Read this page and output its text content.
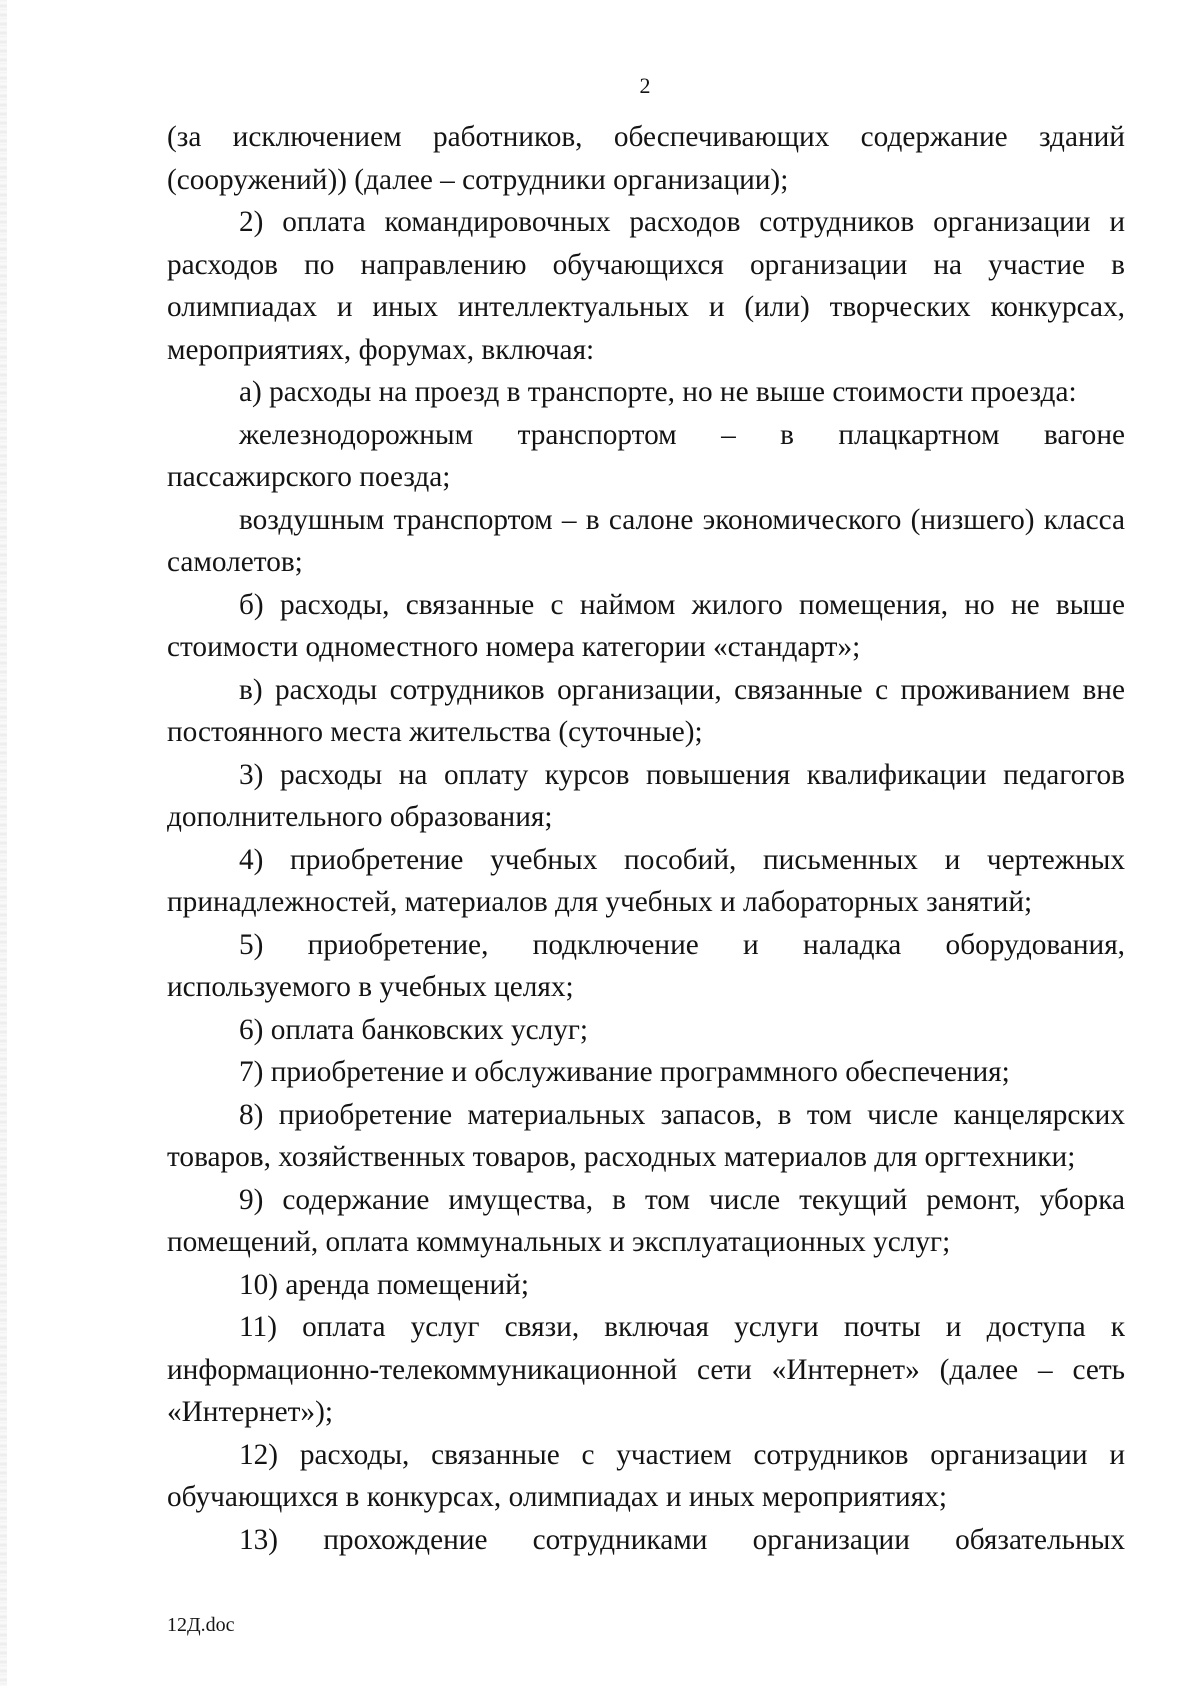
2

(за исключением работников, обеспечивающих содержание зданий (сооружений)) (далее – сотрудники организации);

2) оплата командировочных расходов сотрудников организации и расходов по направлению обучающихся организации на участие в олимпиадах и иных интеллектуальных и (или) творческих конкурсах, мероприятиях, форумах, включая:

а) расходы на проезд в транспорте, но не выше стоимости проезда:

железнодорожным транспортом – в плацкартном вагоне пассажирского поезда;

воздушным транспортом – в салоне экономического (низшего) класса самолетов;

б) расходы, связанные с наймом жилого помещения, но не выше стоимости одноместного номера категории «стандарт»;

в) расходы сотрудников организации, связанные с проживанием вне постоянного места жительства (суточные);

3) расходы на оплату курсов повышения квалификации педагогов дополнительного образования;

4) приобретение учебных пособий, письменных и чертежных принадлежностей, материалов для учебных и лабораторных занятий;

5) приобретение, подключение и наладка оборудования, используемого в учебных целях;

6) оплата банковских услуг;

7) приобретение и обслуживание программного обеспечения;

8) приобретение материальных запасов, в том числе канцелярских товаров, хозяйственных товаров, расходных материалов для оргтехники;

9) содержание имущества, в том числе текущий ремонт, уборка помещений, оплата коммунальных и эксплуатационных услуг;

10) аренда помещений;

11) оплата услуг связи, включая услуги почты и доступа к информационно-телекоммуникационной сети «Интернет» (далее – сеть «Интернет»);

12) расходы, связанные с участием сотрудников организации и обучающихся в конкурсах, олимпиадах и иных мероприятиях;

13) прохождение сотрудниками организации обязательных

12Д.doc
